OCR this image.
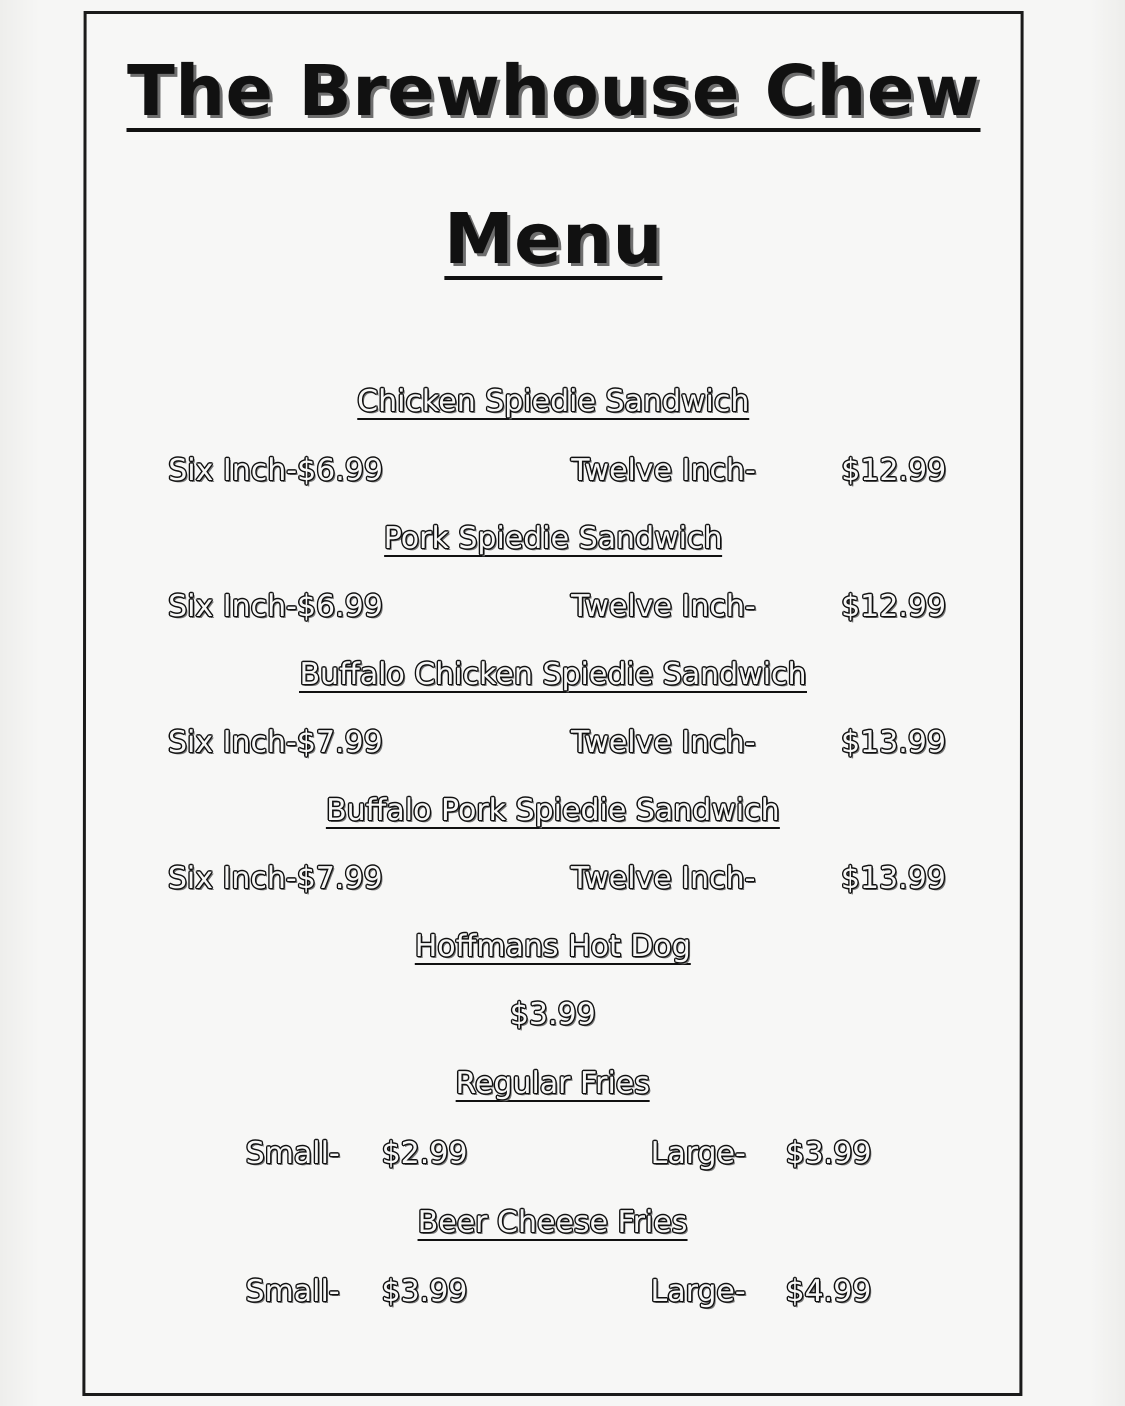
The Brewhouse Chew
Menu
Chicken Spiedie Sandwich
Six Inch-$6.99	Twelve Inch-	$12.99
Pork Spiedie Sandwich
Six Inch-$6.99	Twelve Inch-	$12.99
Buffalo Chicken Spiedie Sandwich
Six Inch-$7.99	Twelve Inch-	$13.99
Buffalo Pork Spiedie Sandwich
Six Inch-$7.99	Twelve Inch-	$13.99
Hoffmans Hot Dog
$3.99
Regular Fries
Small- $2.99	Large- $3.99
Beer Cheese Fries
Small- $3.99	Large- $4.99
